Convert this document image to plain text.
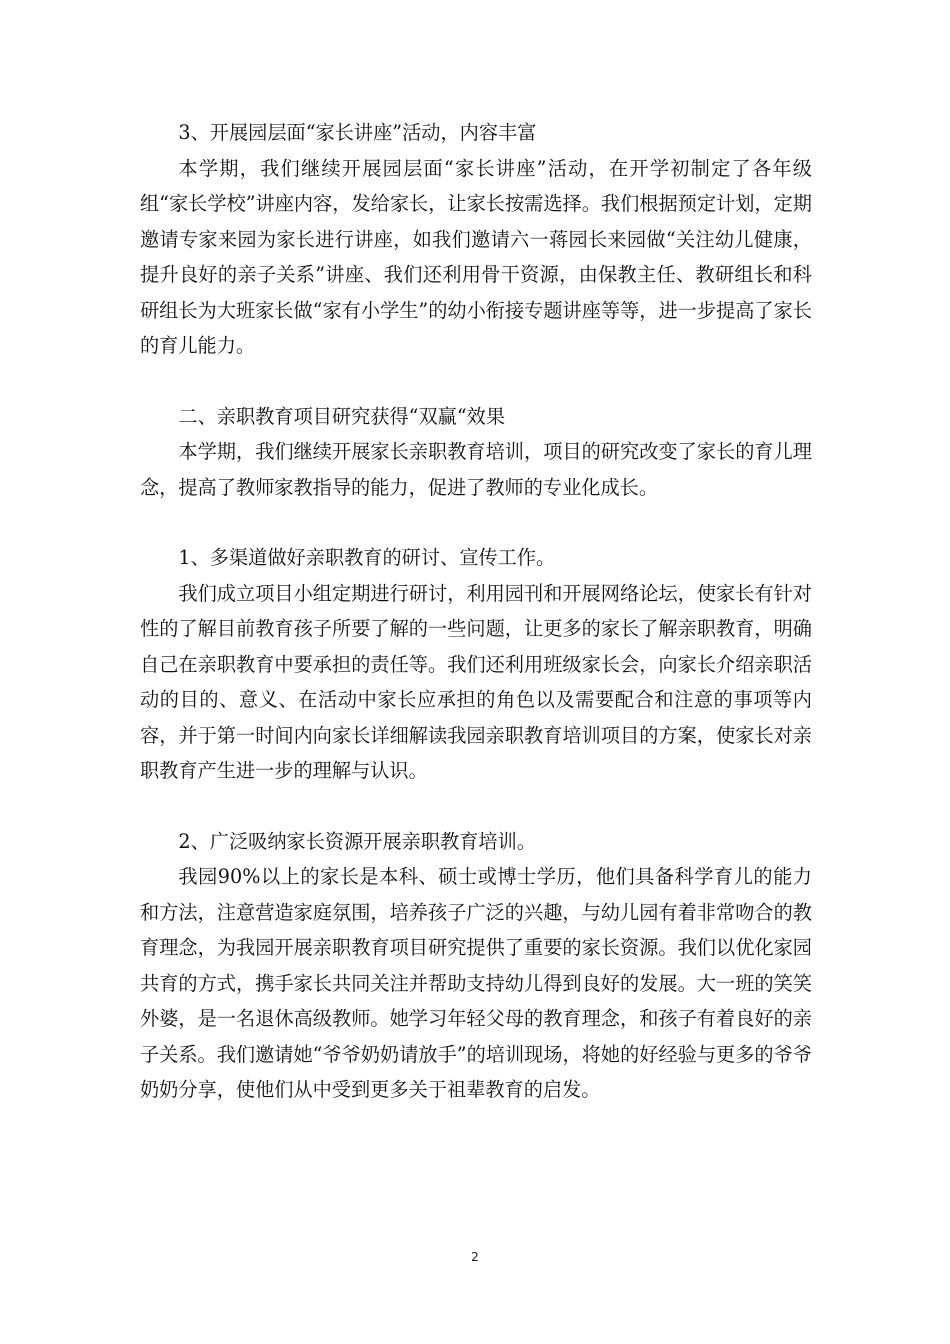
3、开展园层面“家长讲座”活动，内容丰富

本学期，我们继续开展园层面“家长讲座”活动，在开学初制定了各年级组“家长学校”讲座内容，发给家长，让家长按需选择。我们根据预定计划，定期邀请专家来园为家长进行讲座，如我们邀请六一蒋园长来园做“关注幼儿健康，提升良好的亲子关系”讲座、我们还利用骨干资源，由保教主任、教研组长和科研组长为大班家长做“家有小学生”的幼小衔接专题讲座等等，进一步提高了家长的育儿能力。

二、亲职教育项目研究获得“双赢“效果

本学期，我们继续开展家长亲职教育培训，项目的研究改变了家长的育儿理念，提高了教师家教指导的能力，促进了教师的专业化成长。

1、多渠道做好亲职教育的研讨、宣传工作。

我们成立项目小组定期进行研讨，利用园刊和开展网络论坛，使家长有针对性的了解目前教育孩子所要了解的一些问题，让更多的家长了解亲职教育，明确自己在亲职教育中要承担的责任等。我们还利用班级家长会，向家长介绍亲职活动的目的、意义、在活动中家长应承担的角色以及需要配合和注意的事项等内容，并于第一时间内向家长详细解读我园亲职教育培训项目的方案，使家长对亲职教育产生进一步的理解与认识。

2、广泛吸纳家长资源开展亲职教育培训。

我园90%以上的家长是本科、硕士或博士学历，他们具备科学育儿的能力和方法，注意营造家庭氛围，培养孩子广泛的兴趣，与幼儿园有着非常吻合的教育理念，为我园开展亲职教育项目研究提供了重要的家长资源。我们以优化家园共育的方式，携手家长共同关注并帮助支持幼儿得到良好的发展。大一班的笑笑外婆，是一名退休高级教师。她学习年轻父母的教育理念，和孩子有着良好的亲子关系。我们邀请她“爷爷奶奶请放手”的培训现场，将她的好经验与更多的爷爷奶奶分享，使他们从中受到更多关于祖辈教育的启发。

2
